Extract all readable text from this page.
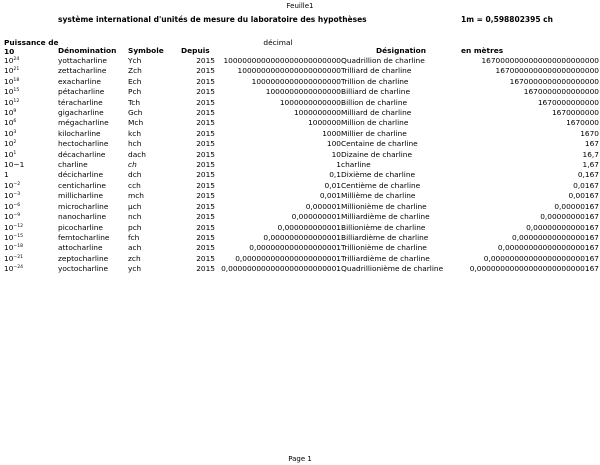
Feuille1
système international d'unités de mesure du laboratoire des hypothèses	1m = 0,598802395 ch
Puissance de
10	Dénomination	Symbole	Depuis	décimal	Désignation	en mètres
$10^{24}$	yottacharline	Ych	2015	1000000000000000000000000	Quadrillion de charline	1670000000000000000000000
$10^{21}$	zettacharline	Zch	2015	1000000000000000000000	Trilliard de charline	1670000000000000000000
$10^{18}$	exacharline	Ech	2015	1000000000000000000	Trillion de charline	1670000000000000000
$10^{15}$	pétacharline	Pch	2015	1000000000000000	Billiard de charline	1670000000000000
$10^{12}$	téracharline	Tch	2015	1000000000000	Billion de charline	1670000000000
$10^9$	gigacharline	Gch	2015	1000000000	Milliard de charline	1670000000
$10^6$	mégacharline	Mch	2015	1000000	Million de charline	1670000
$10^3$	kilocharline	kch	2015	1000	Millier de charline	1670
$10^2$	hectocharline	hch	2015	100	Centaine de charline	167
$10^1$	décacharline	dach	2015	10	Dizaine de charline	16,7
10−1	charline	ch	2015	1	charline	1,67
1	décicharline	dch	2015	0,1	Dixième de charline	0,167
$10^{-2}$	centicharline	cch	2015	0,01	Centième de charline	0,0167
$10^{-3}$	millicharline	mch	2015	0,001	Millième de charline	0,00167
$10^{-6}$	microcharline	µch	2015	0,000001	Millionième de charline	0,00000167
$10^{-9}$	nanocharline	nch	2015	0,000000001	Milliardième de charline	0,00000000167
$10^{-12}$	picocharline	pch	2015	0,000000000001	Billionième de charline	0,00000000000167
$10^{-15}$	femtocharline	fch	2015	0,000000000000001	Billiardième de charline	0,00000000000000167
$10^{-18}$	attocharline	ach	2015	0,000000000000000001	Trillionième de charline	0,00000000000000000167
$10^{-21}$	zeptocharline	zch	2015	0,000000000000000000001	Trilliardième de charline	0,00000000000000000000167
$10^{-24}$	yoctocharline	ych	2015	0,000000000000000000000001	Quadrillionième de charline	0,00000000000000000000000167
Page 1
